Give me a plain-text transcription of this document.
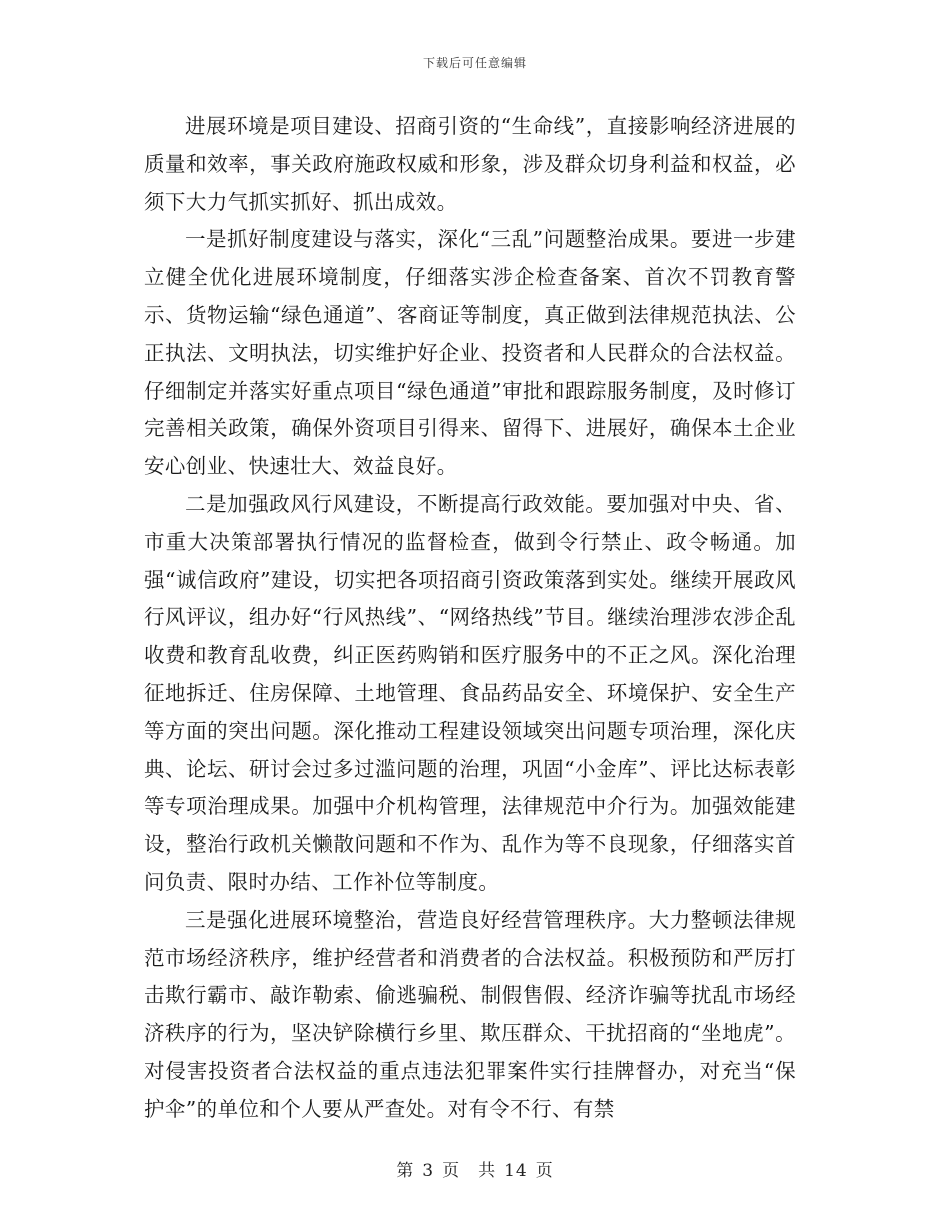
下载后可任意编辑

进展环境是项目建设、招商引资的“生命线”，直接影响经济进展的质量和效率，事关政府施政权威和形象，涉及群众切身利益和权益，必须下大力气抓实抓好、抓出成效。

一是抓好制度建设与落实，深化“三乱”问题整治成果。要进一步建立健全优化进展环境制度，仔细落实涉企检查备案、首次不罚教育警示、货物运输“绿色通道”、客商证等制度，真正做到法律规范执法、公正执法、文明执法，切实维护好企业、投资者和人民群众的合法权益。仔细制定并落实好重点项目“绿色通道”审批和跟踪服务制度，及时修订完善相关政策，确保外资项目引得来、留得下、进展好，确保本土企业安心创业、快速壮大、效益良好。

二是加强政风行风建设，不断提高行政效能。要加强对中央、省、市重大决策部署执行情况的监督检查，做到令行禁止、政令畅通。加强“诚信政府”建设，切实把各项招商引资政策落到实处。继续开展政风行风评议，组办好“行风热线”、“网络热线”节目。继续治理涉农涉企乱收费和教育乱收费，纠正医药购销和医疗服务中的不正之风。深化治理征地拆迁、住房保障、土地管理、食品药品安全、环境保护、安全生产等方面的突出问题。深化推动工程建设领域突出问题专项治理，深化庆典、论坛、研讨会过多过滥问题的治理，巩固“小金库”、评比达标表彰等专项治理成果。加强中介机构管理，法律规范中介行为。加强效能建设，整治行政机关懒散问题和不作为、乱作为等不良现象，仔细落实首问负责、限时办结、工作补位等制度。

三是强化进展环境整治，营造良好经营管理秩序。大力整顿法律规范市场经济秩序，维护经营者和消费者的合法权益。积极预防和严厉打击欺行霸市、敲诈勒索、偷逃骗税、制假售假、经济诈骗等扰乱市场经济秩序的行为，坚决铲除横行乡里、欺压群众、干扰招商的“坐地虎”。对侵害投资者合法权益的重点违法犯罪案件实行挂牌督办，对充当“保护伞”的单位和个人要从严查处。对有令不行、有禁

第 3 页　共 14 页
